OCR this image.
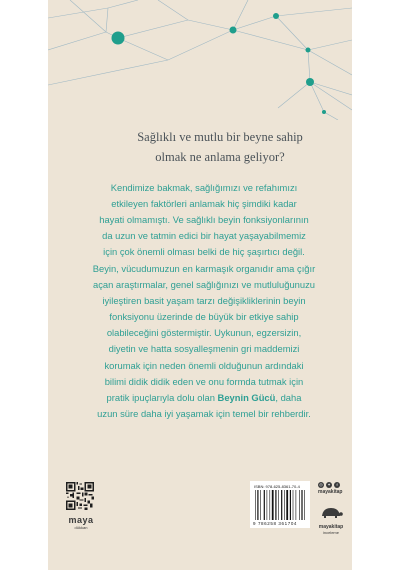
Sağlıklı ve mutlu bir beyne sahip
olmak ne anlama geliyor?
Kendimize bakmak, sağlığımızı ve refahımızı
etkileyen faktörleri anlamak hiç şimdiki kadar
hayati olmamıştı. Ve sağlıklı beyin fonksiyonlarının
da uzun ve tatmin edici bir hayat yaşayabilmemiz
için çok önemli olması belki de hiç şaşırtıcı değil.
Beyin, vücudumuzun en karmaşık organıdır ama çığır
açan araştırmalar, genel sağlığınızı ve mutluluğunuzu
iyileştiren basit yaşam tarzı değişikliklerinin beyin
fonksiyonu üzerinde de büyük bir etkiye sahip
olabileceğini göstermiştir. Uykunun, egzersizin,
diyetin ve hatta sosyalleşmenin gri maddemizi
korumak için neden önemli olduğunun ardındaki
bilimi didik didik eden ve onu formda tutmak için
pratik ipuçlarıyla dolu olan Beynin Gücü, daha
uzun süre daha iyi yaşamak için temel bir rehberdir.
maya
dükkan
ISBN: 978-625-8361-70-4
9 786258 361704
◎	✦	f
mayakitap
mayakitap
inceleme
